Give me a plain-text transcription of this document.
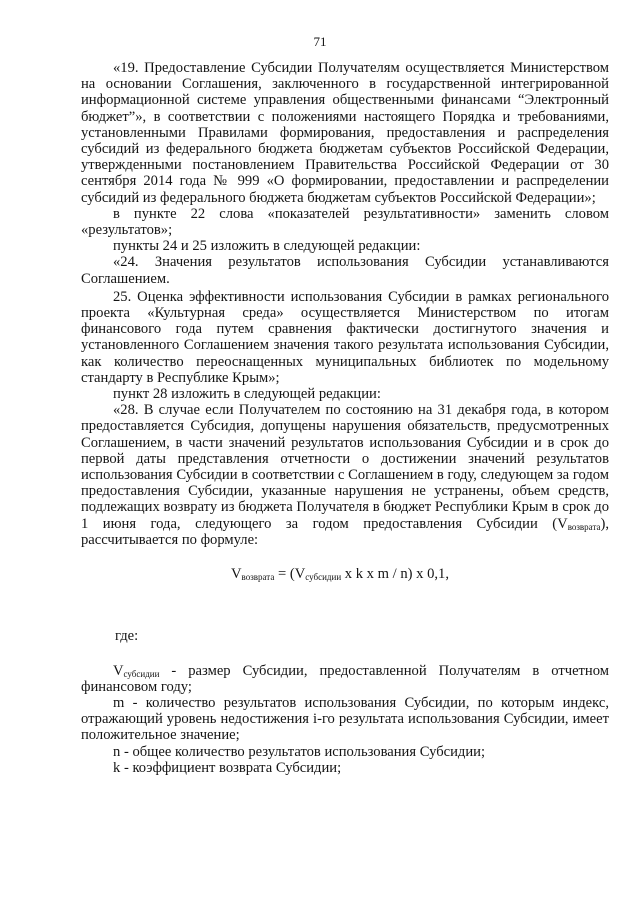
71

«19. Предоставление Субсидии Получателям осуществляется Министерством на основании Соглашения, заключенного в государственной интегрированной информационной системе управления общественными финансами “Электронный бюджет”», в соответствии с положениями настоящего Порядка и требованиями, установленными Правилами формирования, предоставления и распределения субсидий из федерального бюджета бюджетам субъектов Российской Федерации, утвержденными постановлением Правительства Российской Федерации от 30 сентября 2014 года № 999 «О формировании, предоставлении и распределении субсидий из федерального бюджета бюджетам субъектов Российской Федерации»;

в пункте 22 слова «показателей результативности» заменить словом «результатов»;

пункты 24 и 25 изложить в следующей редакции:

«24. Значения результатов использования Субсидии устанавливаются Соглашением.

25. Оценка эффективности использования Субсидии в рамках регионального проекта «Культурная среда» осуществляется Министерством по итогам финансового года путем сравнения фактически достигнутого значения и установленного Соглашением значения такого результата использования Субсидии, как количество переоснащенных муниципальных библиотек по модельному стандарту в Республике Крым»;

пункт 28 изложить в следующей редакции:

«28. В случае если Получателем по состоянию на 31 декабря года, в котором предоставляется Субсидия, допущены нарушения обязательств, предусмотренных Соглашением, в части значений результатов использования Субсидии и в срок до первой даты представления отчетности о достижении значений результатов использования Субсидии в соответствии с Соглашением в году, следующем за годом предоставления Субсидии, указанные нарушения не устранены, объем средств, подлежащих возврату из бюджета Получателя в бюджет Республики Крым в срок до 1 июня года, следующего за годом предоставления Субсидии $(V_{возврата})$, рассчитывается по формуле:

$V_{возврата} = (V_{субсидии}$ x k x m / n) x 0,1,

где:

$V_{субсидии}$ - размер Субсидии, предоставленной Получателям в отчетном финансовом году;

m - количество результатов использования Субсидии, по которым индекс, отражающий уровень недостижения i-го результата использования Субсидии, имеет положительное значение;

n - общее количество результатов использования Субсидии;

k - коэффициент возврата Субсидии;
